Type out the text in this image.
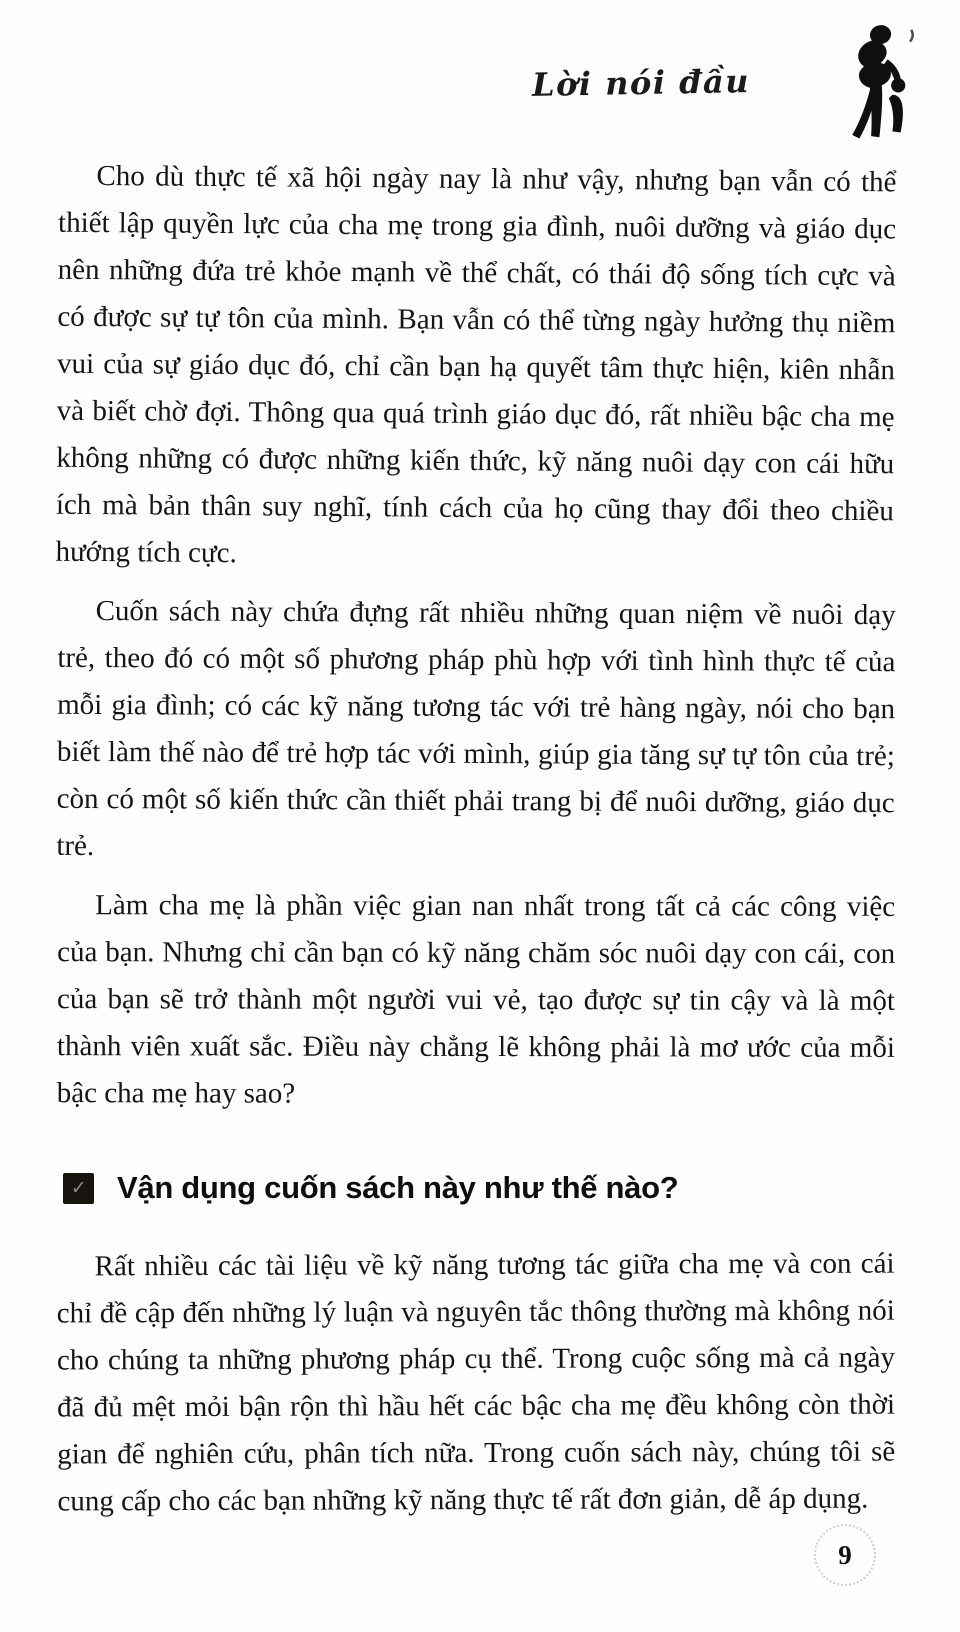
Lời nói đầu

Cho dù thực tế xã hội ngày nay là như vậy, nhưng bạn vẫn có thể thiết lập quyền lực của cha mẹ trong gia đình, nuôi dưỡng và giáo dục nên những đứa trẻ khỏe mạnh về thể chất, có thái độ sống tích cực và có được sự tự tôn của mình. Bạn vẫn có thể từng ngày hưởng thụ niềm vui của sự giáo dục đó, chỉ cần bạn hạ quyết tâm thực hiện, kiên nhẫn và biết chờ đợi. Thông qua quá trình giáo dục đó, rất nhiều bậc cha mẹ không những có được những kiến thức, kỹ năng nuôi dạy con cái hữu ích mà bản thân suy nghĩ, tính cách của họ cũng thay đổi theo chiều hướng tích cực.

Cuốn sách này chứa đựng rất nhiều những quan niệm về nuôi dạy trẻ, theo đó có một số phương pháp phù hợp với tình hình thực tế của mỗi gia đình; có các kỹ năng tương tác với trẻ hàng ngày, nói cho bạn biết làm thế nào để trẻ hợp tác với mình, giúp gia tăng sự tự tôn của trẻ; còn có một số kiến thức cần thiết phải trang bị để nuôi dưỡng, giáo dục trẻ.

Làm cha mẹ là phần việc gian nan nhất trong tất cả các công việc của bạn. Nhưng chỉ cần bạn có kỹ năng chăm sóc nuôi dạy con cái, con của bạn sẽ trở thành một người vui vẻ, tạo được sự tin cậy và là một thành viên xuất sắc. Điều này chẳng lẽ không phải là mơ ước của mỗi bậc cha mẹ hay sao?

✓ Vận dụng cuốn sách này như thế nào?

Rất nhiều các tài liệu về kỹ năng tương tác giữa cha mẹ và con cái chỉ đề cập đến những lý luận và nguyên tắc thông thường mà không nói cho chúng ta những phương pháp cụ thể. Trong cuộc sống mà cả ngày đã đủ mệt mỏi bận rộn thì hầu hết các bậc cha mẹ đều không còn thời gian để nghiên cứu, phân tích nữa. Trong cuốn sách này, chúng tôi sẽ cung cấp cho các bạn những kỹ năng thực tế rất đơn giản, dễ áp dụng.

9
